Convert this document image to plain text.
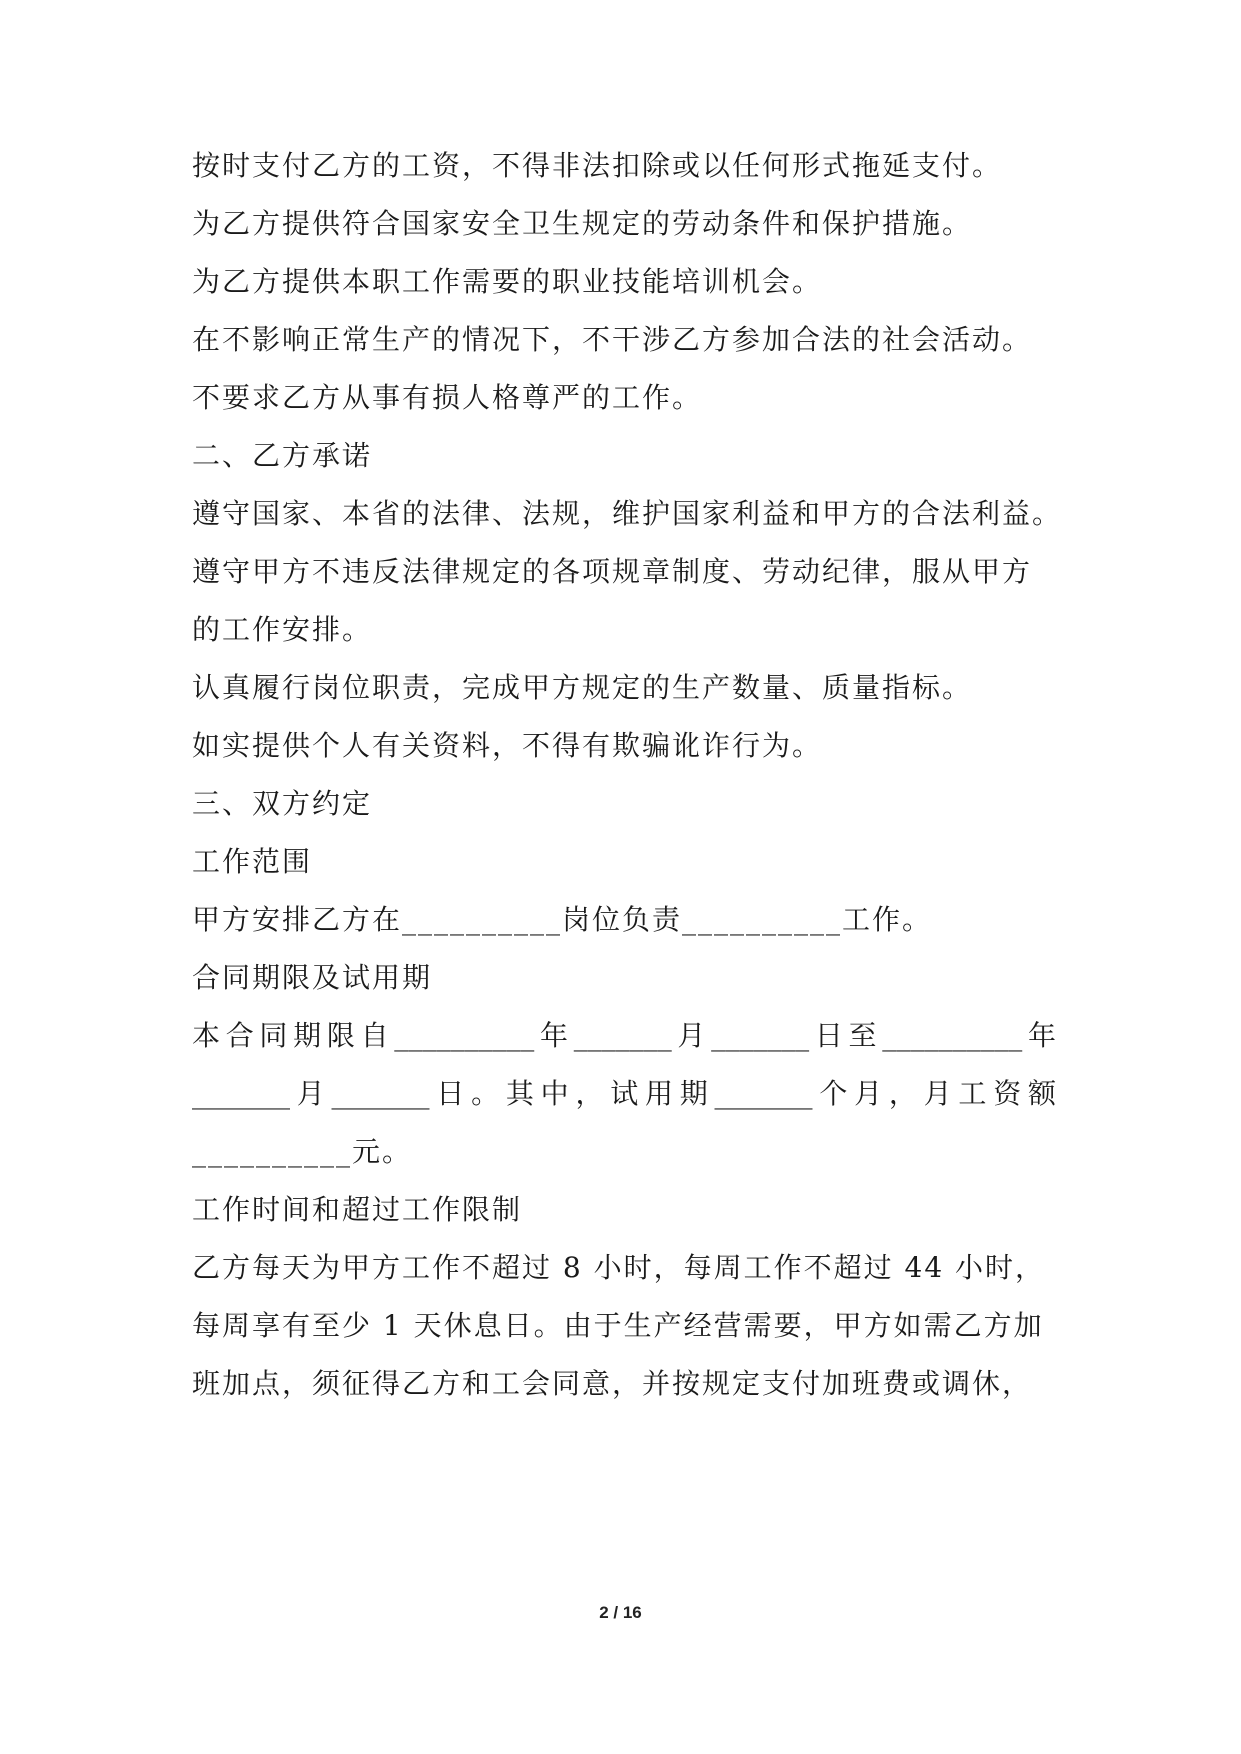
按时支付乙方的工资，不得非法扣除或以任何形式拖延支付。
为乙方提供符合国家安全卫生规定的劳动条件和保护措施。
为乙方提供本职工作需要的职业技能培训机会。
在不影响正常生产的情况下，不干涉乙方参加合法的社会活动。
不要求乙方从事有损人格尊严的工作。
二、乙方承诺
遵守国家、本省的法律、法规，维护国家利益和甲方的合法利益。
遵守甲方不违反法律规定的各项规章制度、劳动纪律，服从甲方
的工作安排。
认真履行岗位职责，完成甲方规定的生产数量、质量指标。
如实提供个人有关资料，不得有欺骗讹诈行为。
三、双方约定
工作范围
甲方安排乙方在__________岗位负责__________工作。
合同期限及试用期
本合同期限自__________年_______月_______日至__________年
_______月_______日。其中，试用期_______个月，月工资额
__________元。
工作时间和超过工作限制
乙方每天为甲方工作不超过 8 小时，每周工作不超过 44 小时，
每周享有至少 1 天休息日。由于生产经营需要，甲方如需乙方加
班加点，须征得乙方和工会同意，并按规定支付加班费或调休，
2 / 16
